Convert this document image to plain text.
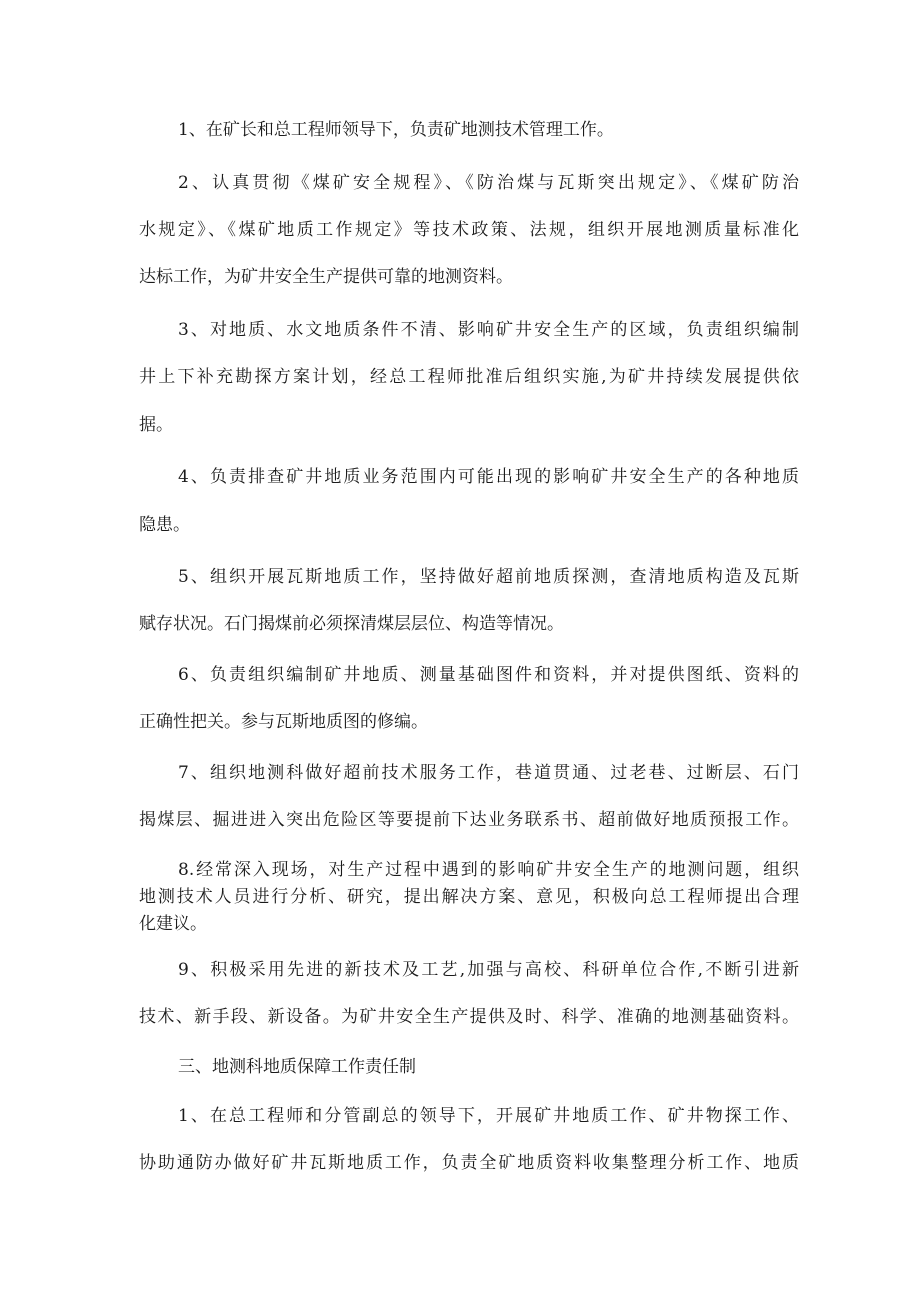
1、在矿长和总工程师领导下，负责矿地测技术管理工作。
2、认真贯彻《煤矿安全规程》、《防治煤与瓦斯突出规定》、《煤矿防治
水规定》、《煤矿地质工作规定》等技术政策、法规，组织开展地测质量标准化
达标工作，为矿井安全生产提供可靠的地测资料。
3、对地质、水文地质条件不清、影响矿井安全生产的区域，负责组织编制
井上下补充勘探方案计划，经总工程师批准后组织实施,为矿井持续发展提供依
据。
4、负责排查矿井地质业务范围内可能出现的影响矿井安全生产的各种地质
隐患。
5、组织开展瓦斯地质工作，坚持做好超前地质探测，查清地质构造及瓦斯
赋存状况。石门揭煤前必须探清煤层层位、构造等情况。
6、负责组织编制矿井地质、测量基础图件和资料，并对提供图纸、资料的
正确性把关。参与瓦斯地质图的修编。
7、组织地测科做好超前技术服务工作，巷道贯通、过老巷、过断层、石门
揭煤层、掘进进入突出危险区等要提前下达业务联系书、超前做好地质预报工作。
8.经常深入现场，对生产过程中遇到的影响矿井安全生产的地测问题，组织
地测技术人员进行分析、研究，提出解决方案、意见，积极向总工程师提出合理
化建议。
9、积极采用先进的新技术及工艺,加强与高校、科研单位合作,不断引进新
技术、新手段、新设备。为矿井安全生产提供及时、科学、准确的地测基础资料。
三、地测科地质保障工作责任制
1、在总工程师和分管副总的领导下，开展矿井地质工作、矿井物探工作、
协助通防办做好矿井瓦斯地质工作，负责全矿地质资料收集整理分析工作、地质
